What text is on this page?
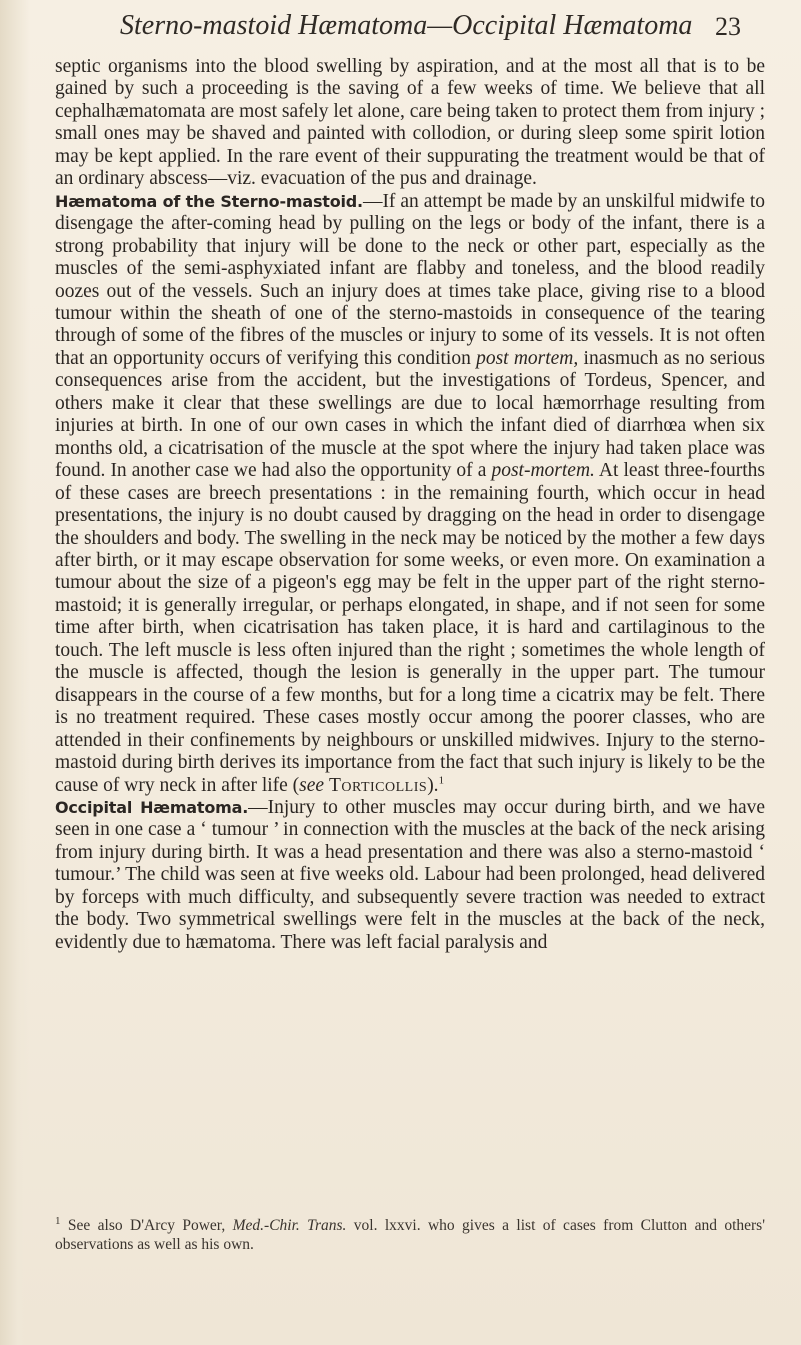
Sterno-mastoid Hæmatoma—Occipital Hæmatoma 23

septic organisms into the blood swelling by aspiration, and at the most all that is to be gained by such a proceeding is the saving of a few weeks of time. We believe that all cephalhæmatomata are most safely let alone, care being taken to protect them from injury ; small ones may be shaved and painted with collodion, or during sleep some spirit lotion may be kept applied. In the rare event of their suppurating the treatment would be that of an ordinary abscess—viz. evacuation of the pus and drainage.

Hæmatoma of the Sterno-mastoid.—If an attempt be made by an unskilful midwife to disengage the after-coming head by pulling on the legs or body of the infant, there is a strong probability that injury will be done to the neck or other part, especially as the muscles of the semi-asphyxiated infant are flabby and toneless, and the blood readily oozes out of the vessels. Such an injury does at times take place, giving rise to a blood tumour within the sheath of one of the sterno-mastoids in consequence of the tearing through of some of the fibres of the muscles or injury to some of its vessels. It is not often that an opportunity occurs of verifying this condition post mortem, inasmuch as no serious consequences arise from the accident, but the investigations of Tordeus, Spencer, and others make it clear that these swellings are due to local hæmorrhage resulting from injuries at birth. In one of our own cases in which the infant died of diarrhœa when six months old, a cicatrisation of the muscle at the spot where the injury had taken place was found. In another case we had also the opportunity of a post-mortem. At least three-fourths of these cases are breech presentations : in the remaining fourth, which occur in head presentations, the injury is no doubt caused by dragging on the head in order to disengage the shoulders and body. The swelling in the neck may be noticed by the mother a few days after birth, or it may escape observation for some weeks, or even more. On examination a tumour about the size of a pigeon's egg may be felt in the upper part of the right sterno-mastoid; it is generally irregular, or perhaps elongated, in shape, and if not seen for some time after birth, when cicatrisation has taken place, it is hard and cartilaginous to the touch. The left muscle is less often injured than the right ; sometimes the whole length of the muscle is affected, though the lesion is generally in the upper part. The tumour disappears in the course of a few months, but for a long time a cicatrix may be felt. There is no treatment required. These cases mostly occur among the poorer classes, who are attended in their confinements by neighbours or unskilled midwives. Injury to the sterno-mastoid during birth derives its importance from the fact that such injury is likely to be the cause of wry neck in after life (see Torticollis).$^1$

Occipital Hæmatoma.—Injury to other muscles may occur during birth, and we have seen in one case a ‘ tumour ’ in connection with the muscles at the back of the neck arising from injury during birth. It was a head presentation and there was also a sterno-mastoid ‘ tumour.’ The child was seen at five weeks old. Labour had been prolonged, head delivered by forceps with much difficulty, and subsequently severe traction was needed to extract the body. Two symmetrical swellings were felt in the muscles at the back of the neck, evidently due to hæmatoma. There was left facial paralysis and

$^1$ See also D'Arcy Power, Med.-Chir. Trans. vol. lxxvi. who gives a list of cases from Clutton and others' observations as well as his own.
